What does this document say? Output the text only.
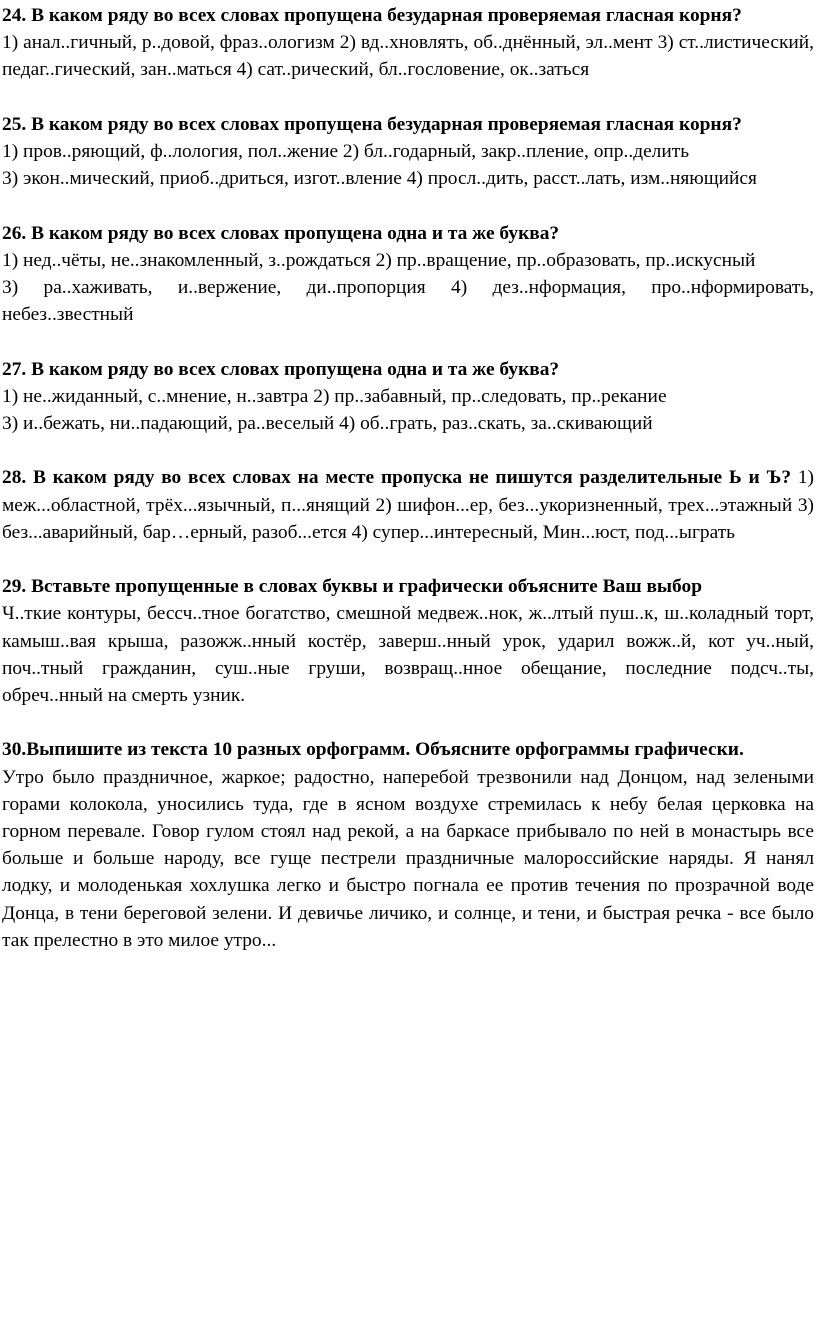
24. В каком ряду во всех словах пропущена безударная проверяемая гласная корня?

1) анал..гичный, р..довой, фраз..ологизм 2) вд..хновлять, об..днённый, эл..мент 3) ст..листический, педаг..гический, зан..маться 4) сат..рический, бл..гословение, ок..заться

25. В каком ряду во всех словах пропущена безударная проверяемая гласная корня?

1) пров..ряющий, ф..лология, пол..жение 2) бл..годарный, закр..пление, опр..делить

3) экон..мический, приоб..дриться, изгот..вление 4) просл..дить, расст..лать, изм..няющийся

26. В каком ряду во всех словах пропущена одна и та же буква?

1) нед..чёты, не..знакомленный, з..рождаться 2) пр..вращение, пр..образовать, пр..искусный

3) ра..хаживать, и..вержение, ди..пропорция 4) дез..нформация, про..нформировать, небез..звестный

27. В каком ряду во всех словах пропущена одна и та же буква?

1) не..жиданный, с..мнение, н..завтра 2) пр..забавный, пр..следовать, пр..рекание

3) и..бежать, ни..падающий, ра..веселый 4) об..грать, раз..скать, за..скивающий

28. В каком ряду во всех словах на месте пропуска не пишутся разделительные Ь и Ъ? 1) меж...областной, трёх...язычный, п...янящий 2) шифон...ер, без...укоризненный, трех...этажный 3) без...аварийный, бар…ерный, разоб...ется 4) супер...интересный, Мин...юст, под...ыграть

29. Вставьте пропущенные в словах буквы и графически объясните Ваш выбор

Ч..ткие контуры, бессч..тное богатство, смешной медвеж..нок, ж..лтый пуш..к, ш..коладный торт, камыш..вая крыша, разожж..нный костёр, заверш..нный урок, ударил вожж..й, кот уч..ный, поч..тный гражданин, суш..ные груши, возвращ..нное обещание, последние подсч..ты, обреч..нный на смерть узник.

30.Выпишите из текста 10 разных орфограмм. Объясните орфограммы графически.

Утро было праздничное, жаркое; радостно, наперебой трезвонили над Донцом, над зелеными горами колокола, уносились туда, где в ясном воздухе стремилась к небу белая церковка на горном перевале. Говор гулом стоял над рекой, а на баркасе прибывало по ней в монастырь все больше и больше народу, все гуще пестрели праздничные малороссийские наряды. Я нанял лодку, и молоденькая хохлушка легко и быстро погнала ее против течения по прозрачной воде Донца, в тени береговой зелени. И девичье личико, и солнце, и тени, и быстрая речка - все было так прелестно в это милое утро...
